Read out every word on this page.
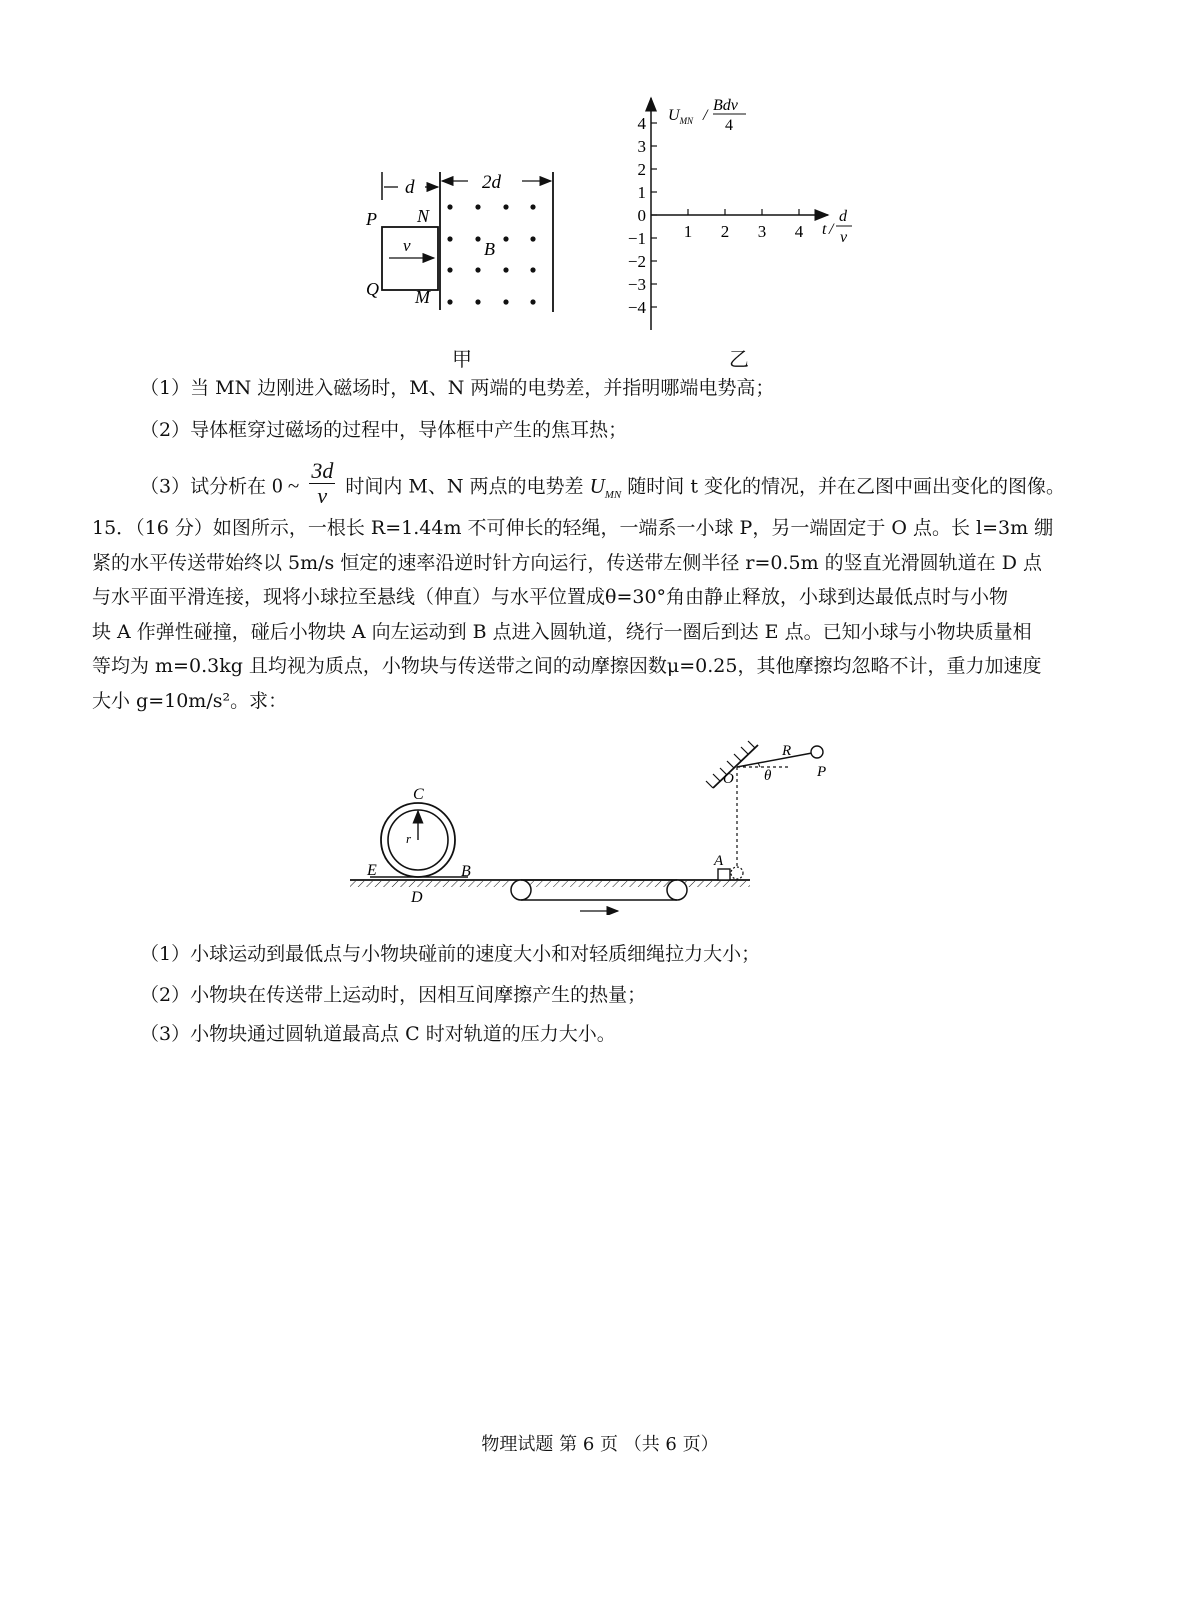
d	2d
P
Q
N
M
v	B
甲
4
3
2
1
0
−1
−2
−3
−4
1 2 3 4
$U_{MN}$ /
Bdv
4
t /
d
v
乙
（1）当 MN 边刚进入磁场时，M、N 两端的电势差，并指明哪端电势高；
（2）导体框穿过磁场的过程中，导体框中产生的焦耳热；
（3）试分析在 0 ~ $\frac{3d}{v}$ 时间内 M、N 两点的电势差 $U_{MN}$ 随时间 t 变化的情况，并在乙图中画出变化的图像。
15．（16 分）如图所示，一根长 R=1.44m 不可伸长的轻绳，一端系一小球 P，另一端固定于 O 点。长 l=3m 绷
紧的水平传送带始终以 5m/s 恒定的速率沿逆时针方向运行，传送带左侧半径 r=0.5m 的竖直光滑圆轨道在 D 点
与水平面平滑连接，现将小球拉至悬线（伸直）与水平位置成θ=30°角由静止释放，小球到达最低点时与小物
块 A 作弹性碰撞，碰后小物块 A 向左运动到 B 点进入圆轨道，绕行一圈后到达 E 点。已知小球与小物块质量相
等均为 m=0.3kg 且均视为质点，小物块与传送带之间的动摩擦因数μ=0.25，其他摩擦均忽略不计，重力加速度
大小 g=10m/s²。求：
C
r
E	B
D
A
O
R
P
θ
（1）小球运动到最低点与小物块碰前的速度大小和对轻质细绳拉力大小；
（2）小物块在传送带上运动时，因相互间摩擦产生的热量；
（3）小物块通过圆轨道最高点 C 时对轨道的压力大小。
物理试题 第 6 页 （共 6 页）
